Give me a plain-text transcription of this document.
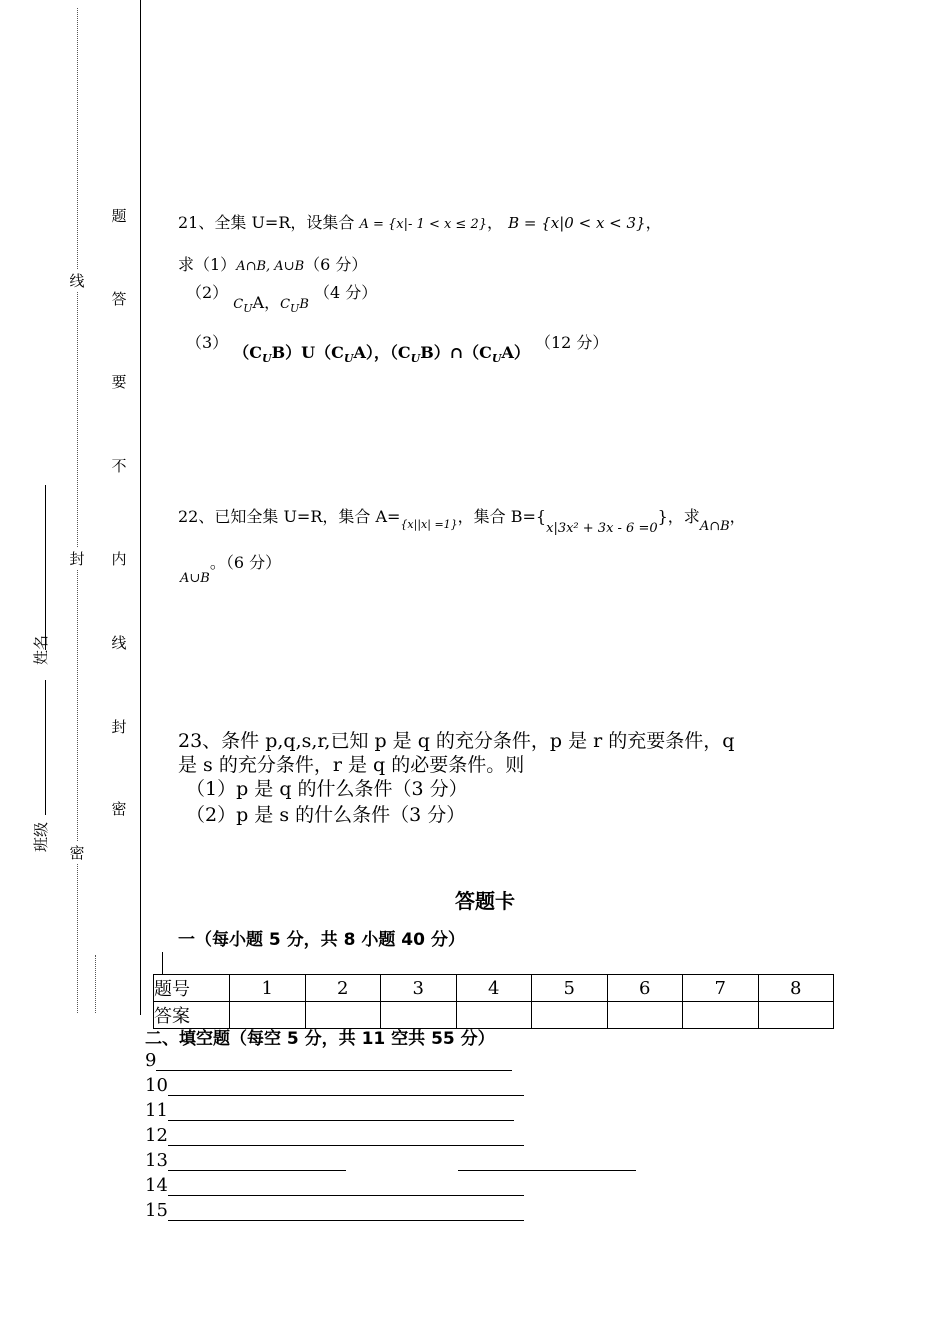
线
封
密
姓名
班级
题
答
要
不
内
线
封
密
21、全集 U=R，设集合 A = {x|- 1 < x ≤ 2}， B = {x|0 < x < 3}，
求（1）A∩B, A∪B（6 分）
（2） $C_UA$，$C_UB$ （4 分）
（3） $(C_UB)U(C_UA)$，$(C_UB)\cap(C_UA)$ （12 分）
22、已知全集 U=R，集合 $A=_{\{x||x| =1\}}$，集合 $B=\{_{x|3x^2 + 3x - 6 =0}\}$，求$_{A\cap B}$，
$_{A\cup B}$。（6 分）
23、条件 p,q,s,r,已知 p 是 q 的充分条件，p 是 r 的充要条件，q
是 s 的充分条件，r 是 q 的必要条件。则
（1）p 是 q 的什么条件（3 分）
（2）p 是 s 的什么条件（3 分）
答题卡
一（每小题 5 分，共 8 小题 40 分）
题号	1	2	3	4	5	6	7	8
答案								
二、填空题（每空 5 分，共 11 空共 55 分）
9
10
11
12
13
14
15
